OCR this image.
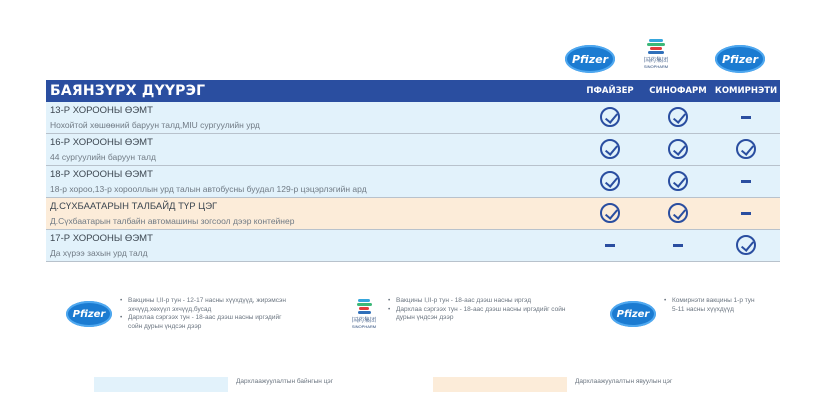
Pfizer	国药集团
SINOPHARM
Pfizer
БАЯНЗҮРХ ДҮҮРЭГ	ПФАЙЗЕР	СИНОФАРМ КОМИРНЭТИ
13-Р ХОРООНЫ ӨЭМТ
Нохойтой хөшөөний баруун талд,MIU сургуулийн урд
16-Р ХОРООНЫ ӨЭМТ
44 сургуулийн баруун талд
18-Р ХОРООНЫ ӨЭМТ
18-р хороо,13-р хорооллын урд талын автобусны буудал 129-р цэцэрлэгийн ард
Д.СҮХБААТАРЫН ТАЛБАЙД ТҮР ЦЭГ
Д.Сүхбаатарын талбайн автомашины зогсоол дээр контейнер
17-Р ХОРООНЫ ӨЭМТ
Да хүрээ захын урд талд
Pfizer
• Вакцины I,II-р тун - 12-17 насны хүүхдүүд, жирэмсэн эхчүүд,хөхүүл эхчүүд,бусад
• Дархлаа сэргээх тун - 18-аас дээш насны иргэдийг сойн дурын үндсэн дээр
国药集团
SINOPHARM
• Вакцины I,II-р тун - 18-аас дээш насны иргэд
• Дархлаа сэргээх тун - 18-аас дээш насны иргэдийг сойн дурын үндсэн дээр	Pfizer
• Комирнэти вакцины 1-р тун 5-11 насны хүүхдүүд
Дархлаажуулалтын байнгын цэг	Дархлаажуулалтын явуулын цэг
